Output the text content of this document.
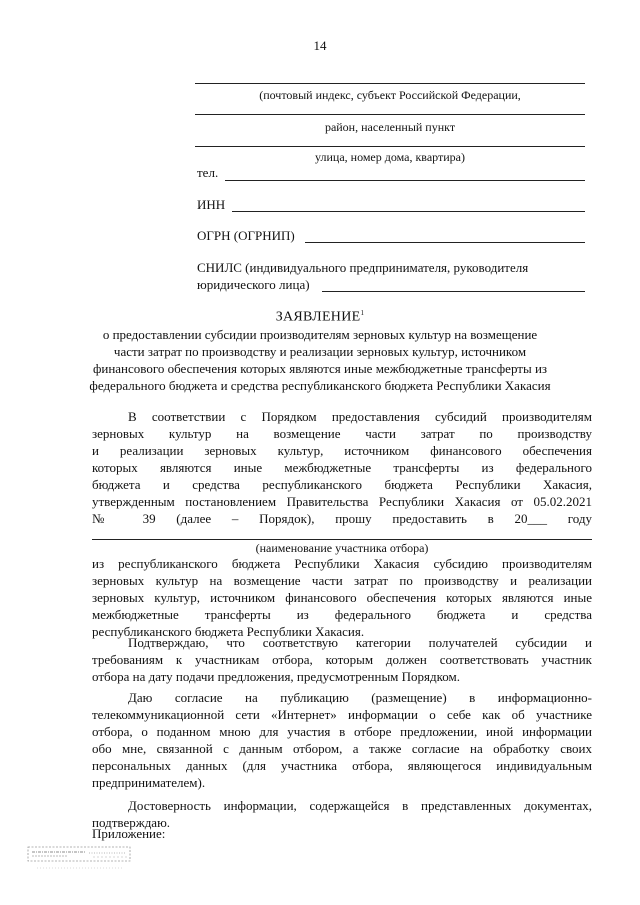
14
(почтовый индекс, субъект Российской Федерации,
район, населенный пункт
улица, номер дома, квартира)
тел.
ИНН
ОГРН (ОГРНИП)
СНИЛС (индивидуального предпринимателя, руководителя
юридического лица)
ЗАЯВЛЕНИЕ$^1$
о предоставлении субсидии производителям зерновых культур на возмещение
части затрат по производству и реализации зерновых культур, источником
финансового обеспечения которых являются иные межбюджетные трансферты из
федерального бюджета и средства республиканского бюджета Республики Хакасия
В соответствии с Порядком предоставления субсидий производителям
зерновых культур на возмещение части затрат по производству
и реализации зерновых культур, источником финансового обеспечения
которых являются иные межбюджетные трансферты из федерального
бюджета и средства республиканского бюджета Республики Хакасия,
утвержденным постановлением Правительства Республики Хакасия от 05.02.2021
№ 39 (далее – Порядок), прошу предоставить в 20___ году
(наименование участника отбора)
из республиканского бюджета Республики Хакасия субсидию производителям
зерновых культур на возмещение части затрат по производству и реализации
зерновых культур, источником финансового обеспечения которых являются иные
межбюджетные трансферты из федерального бюджета и средства
республиканского бюджета Республики Хакасия.
Подтверждаю, что соответствую категории получателей субсидии и
требованиям к участникам отбора, которым должен соответствовать участник
отбора на дату подачи предложения, предусмотренным Порядком.
Даю согласие на публикацию (размещение) в информационно-
телекоммуникационной сети «Интернет» информации о себе как об участнике
отбора, о поданном мною для участия в отборе предложении, иной информации
обо мне, связанной с данным отбором, а также согласие на обработку своих
персональных данных (для участника отбора, являющегося индивидуальным
предпринимателем).
Достоверность информации, содержащейся в представленных документах,
подтверждаю.
Приложение:
